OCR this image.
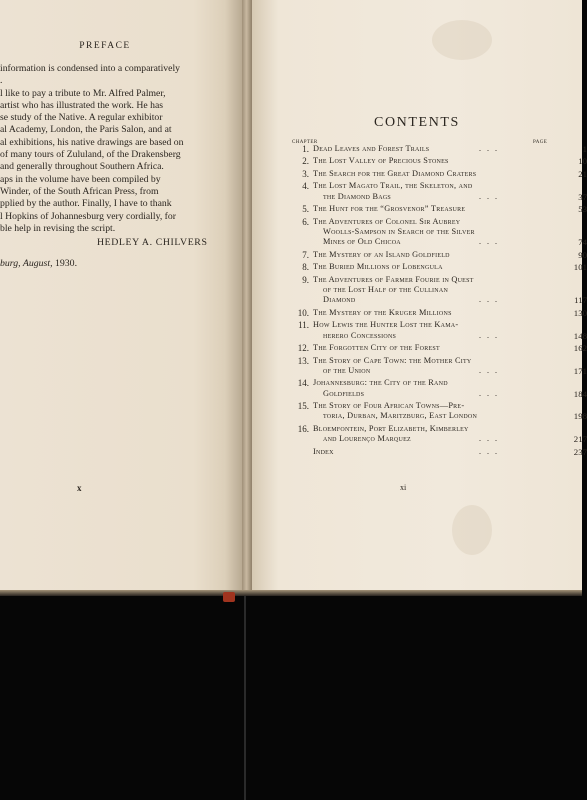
PREFACE
information is condensed into a comparatively
.
l like to pay a tribute to Mr. Alfred Palmer,
artist who has illustrated the work. He has
se study of the Native. A regular exhibitor
al Academy, London, the Paris Salon, and at
al exhibitions, his native drawings are based on
of many tours of Zululand, of the Drakensberg
and generally throughout Southern Africa.
aps in the volume have been compiled by
Winder, of the South African Press, from
pplied by the author. Finally, I have to thank
l Hopkins of Johannesburg very cordially, for
ble help in revising the script.
HEDLEY A. CHILVERS
burg, August, 1930.
x
CONTENTS
CHAPTER	PAGE
1. Dead Leaves and Forest Trails	. . .	1
2. The Lost Valley of Precious Stones	10
3. The Search for the Great Diamond Craters	21
4. The Lost Magato Trail, the Skeleton, and
the Diamond Bags	. . .	37
5. The Hunt for the “Grosvenor” Treasure	53
6. The Adventures of Colonel Sir Aubrey
Woolls-Sampson in Search of the Silver
Mines of Old Chicoa	. . .	74
7. The Mystery of an Island Goldfield	90
8. The Buried Millions of Lobengula	101
9. The Adventures of Farmer Fourie in Quest
of the Lost Half of the Cullinan
Diamond	. . .	117
10. The Mystery of the Kruger Millions	130
11. How Lewis the Hunter Lost the Kama-
herero Concessions	. . .	148
12. The Forgotten City of the Forest	162
13. The Story of Cape Town: the Mother City
of the Union	. . .	171
14. Johannesburg: the City of the Rand
Goldfields	. . .	184
15. The Story of Four African Towns—Pre-
toria, Durban, Maritzburg, East London	198
16. Bloemfontein, Port Elizabeth, Kimberley
and Lourenço Marquez	. . .	217
Index	. . .	237
xi
